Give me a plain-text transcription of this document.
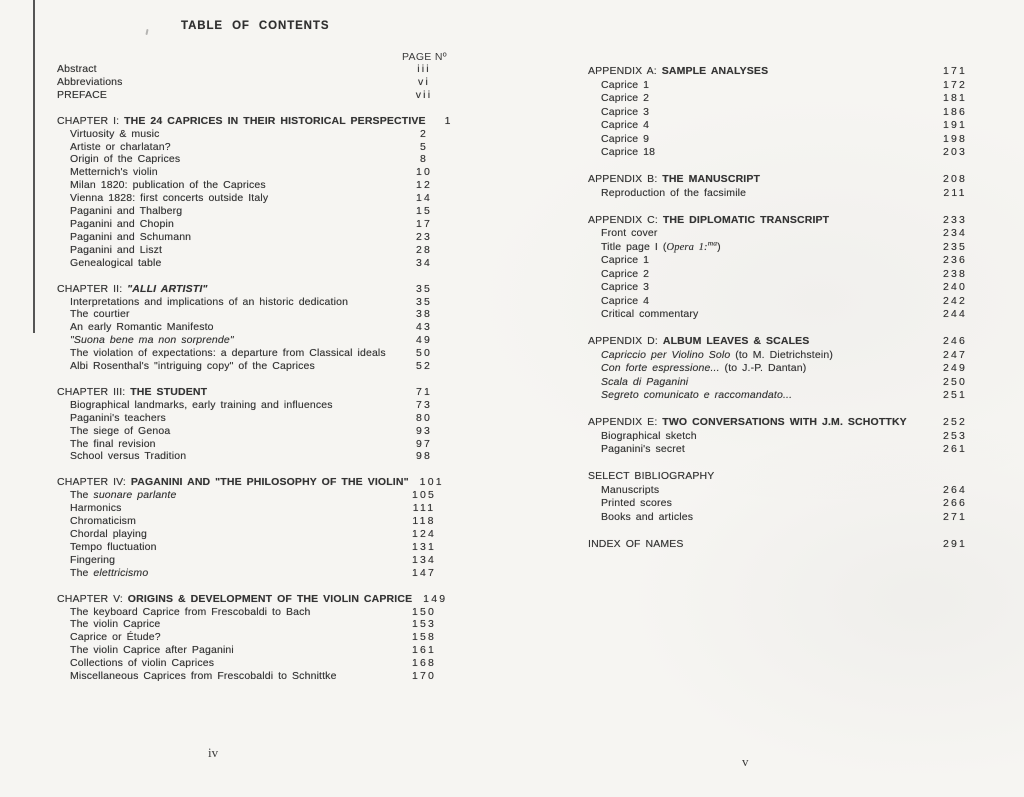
TABLE OF CONTENTS
PAGE Nº
Abstract	iii
Abbreviations	vi
PREFACE	vii
CHAPTER I: THE 24 CAPRICES IN THEIR HISTORICAL PERSPECTIVE	1
Virtuosity & music	2
Artiste or charlatan?	5
Origin of the Caprices	8
Metternich's violin	10
Milan 1820: publication of the Caprices	12
Vienna 1828: first concerts outside Italy	14
Paganini and Thalberg	15
Paganini and Chopin	17
Paganini and Schumann	23
Paganini and Liszt	28
Genealogical table	34
CHAPTER II: "ALLI ARTISTI"	35
Interpretations and implications of an historic dedication	35
The courtier	38
An early Romantic Manifesto	43
"Suona bene ma non sorprende"	49
The violation of expectations: a departure from Classical ideals	50
Albi Rosenthal's "intriguing copy" of the Caprices	52
CHAPTER III: THE STUDENT	71
Biographical landmarks, early training and influences	73
Paganini's teachers	80
The siege of Genoa	93
The final revision	97
School versus Tradition	98
CHAPTER IV: PAGANINI AND "THE PHILOSOPHY OF THE VIOLIN"	101
The suonare parlante	105
Harmonics	111
Chromaticism	118
Chordal playing	124
Tempo fluctuation	131
Fingering	134
The elettricismo	147
CHAPTER V: ORIGINS & DEVELOPMENT OF THE VIOLIN CAPRICE	149
The keyboard Caprice from Frescobaldi to Bach	150
The violin Caprice	153
Caprice or Étude?	158
The violin Caprice after Paganini	161
Collections of violin Caprices	168
Miscellaneous Caprices from Frescobaldi to Schnittke	170
APPENDIX A: SAMPLE ANALYSES	171
Caprice 1	172
Caprice 2	181
Caprice 3	186
Caprice 4	191
Caprice 9	198
Caprice 18	203
APPENDIX B: THE MANUSCRIPT	208
Reproduction of the facsimile	211
APPENDIX C: THE DIPLOMATIC TRANSCRIPT	233
Front cover	234
Title page I (Opera 1:$^{ma}$)	235
Caprice 1	236
Caprice 2	238
Caprice 3	240
Caprice 4	242
Critical commentary	244
APPENDIX D: ALBUM LEAVES & SCALES	246
Capriccio per Violino Solo (to M. Dietrichstein)	247
Con forte espressione... (to J.-P. Dantan)	249
Scala di Paganini	250
Segreto comunicato e raccomandato...	251
APPENDIX E: TWO CONVERSATIONS WITH J.M. SCHOTTKY	252
Biographical sketch	253
Paganini's secret	261
SELECT BIBLIOGRAPHY
Manuscripts	264
Printed scores	266
Books and articles	271
INDEX OF NAMES	291
iv
v
